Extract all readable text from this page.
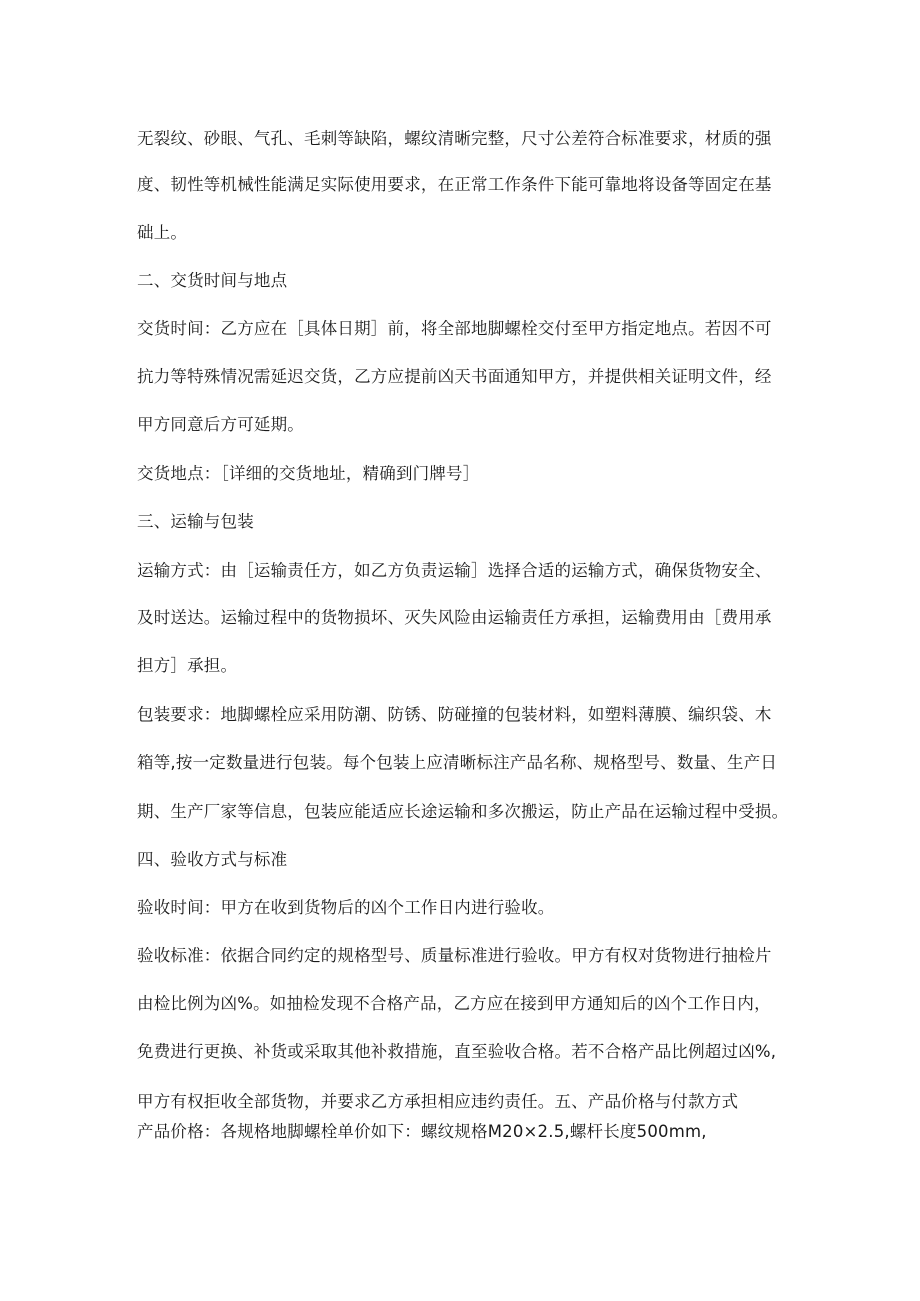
无裂纹、砂眼、气孔、毛刺等缺陷，螺纹清晰完整，尺寸公差符合标准要求，材质的强
度、韧性等机械性能满足实际使用要求，在正常工作条件下能可靠地将设备等固定在基
础上。
二、交货时间与地点
交货时间：乙方应在［具体日期］前，将全部地脚螺栓交付至甲方指定地点。若因不可
抗力等特殊情况需延迟交货，乙方应提前凶天书面通知甲方，并提供相关证明文件，经
甲方同意后方可延期。
交货地点：［详细的交货地址，精确到门牌号］
三、运输与包装
运输方式：由［运输责任方，如乙方负责运输］选择合适的运输方式，确保货物安全、
及时送达。运输过程中的货物损坏、灭失风险由运输责任方承担，运输费用由［费用承
担方］承担。
包装要求：地脚螺栓应采用防潮、防锈、防碰撞的包装材料，如塑料薄膜、编织袋、木
箱等,按一定数量进行包装。每个包装上应清晰标注产品名称、规格型号、数量、生产日
期、生产厂家等信息，包装应能适应长途运输和多次搬运，防止产品在运输过程中受损。
四、验收方式与标准
验收时间：甲方在收到货物后的凶个工作日内进行验收。
验收标准：依据合同约定的规格型号、质量标准进行验收。甲方有权对货物进行抽检片
由检比例为凶%。如抽检发现不合格产品，乙方应在接到甲方通知后的凶个工作日内，
免费进行更换、补货或采取其他补救措施，直至验收合格。若不合格产品比例超过凶%,
甲方有权拒收全部货物，并要求乙方承担相应违约责任。五、产品价格与付款方式
产品价格：各规格地脚螺栓单价如下：螺纹规格M20×2.5,螺杆长度500mm,
